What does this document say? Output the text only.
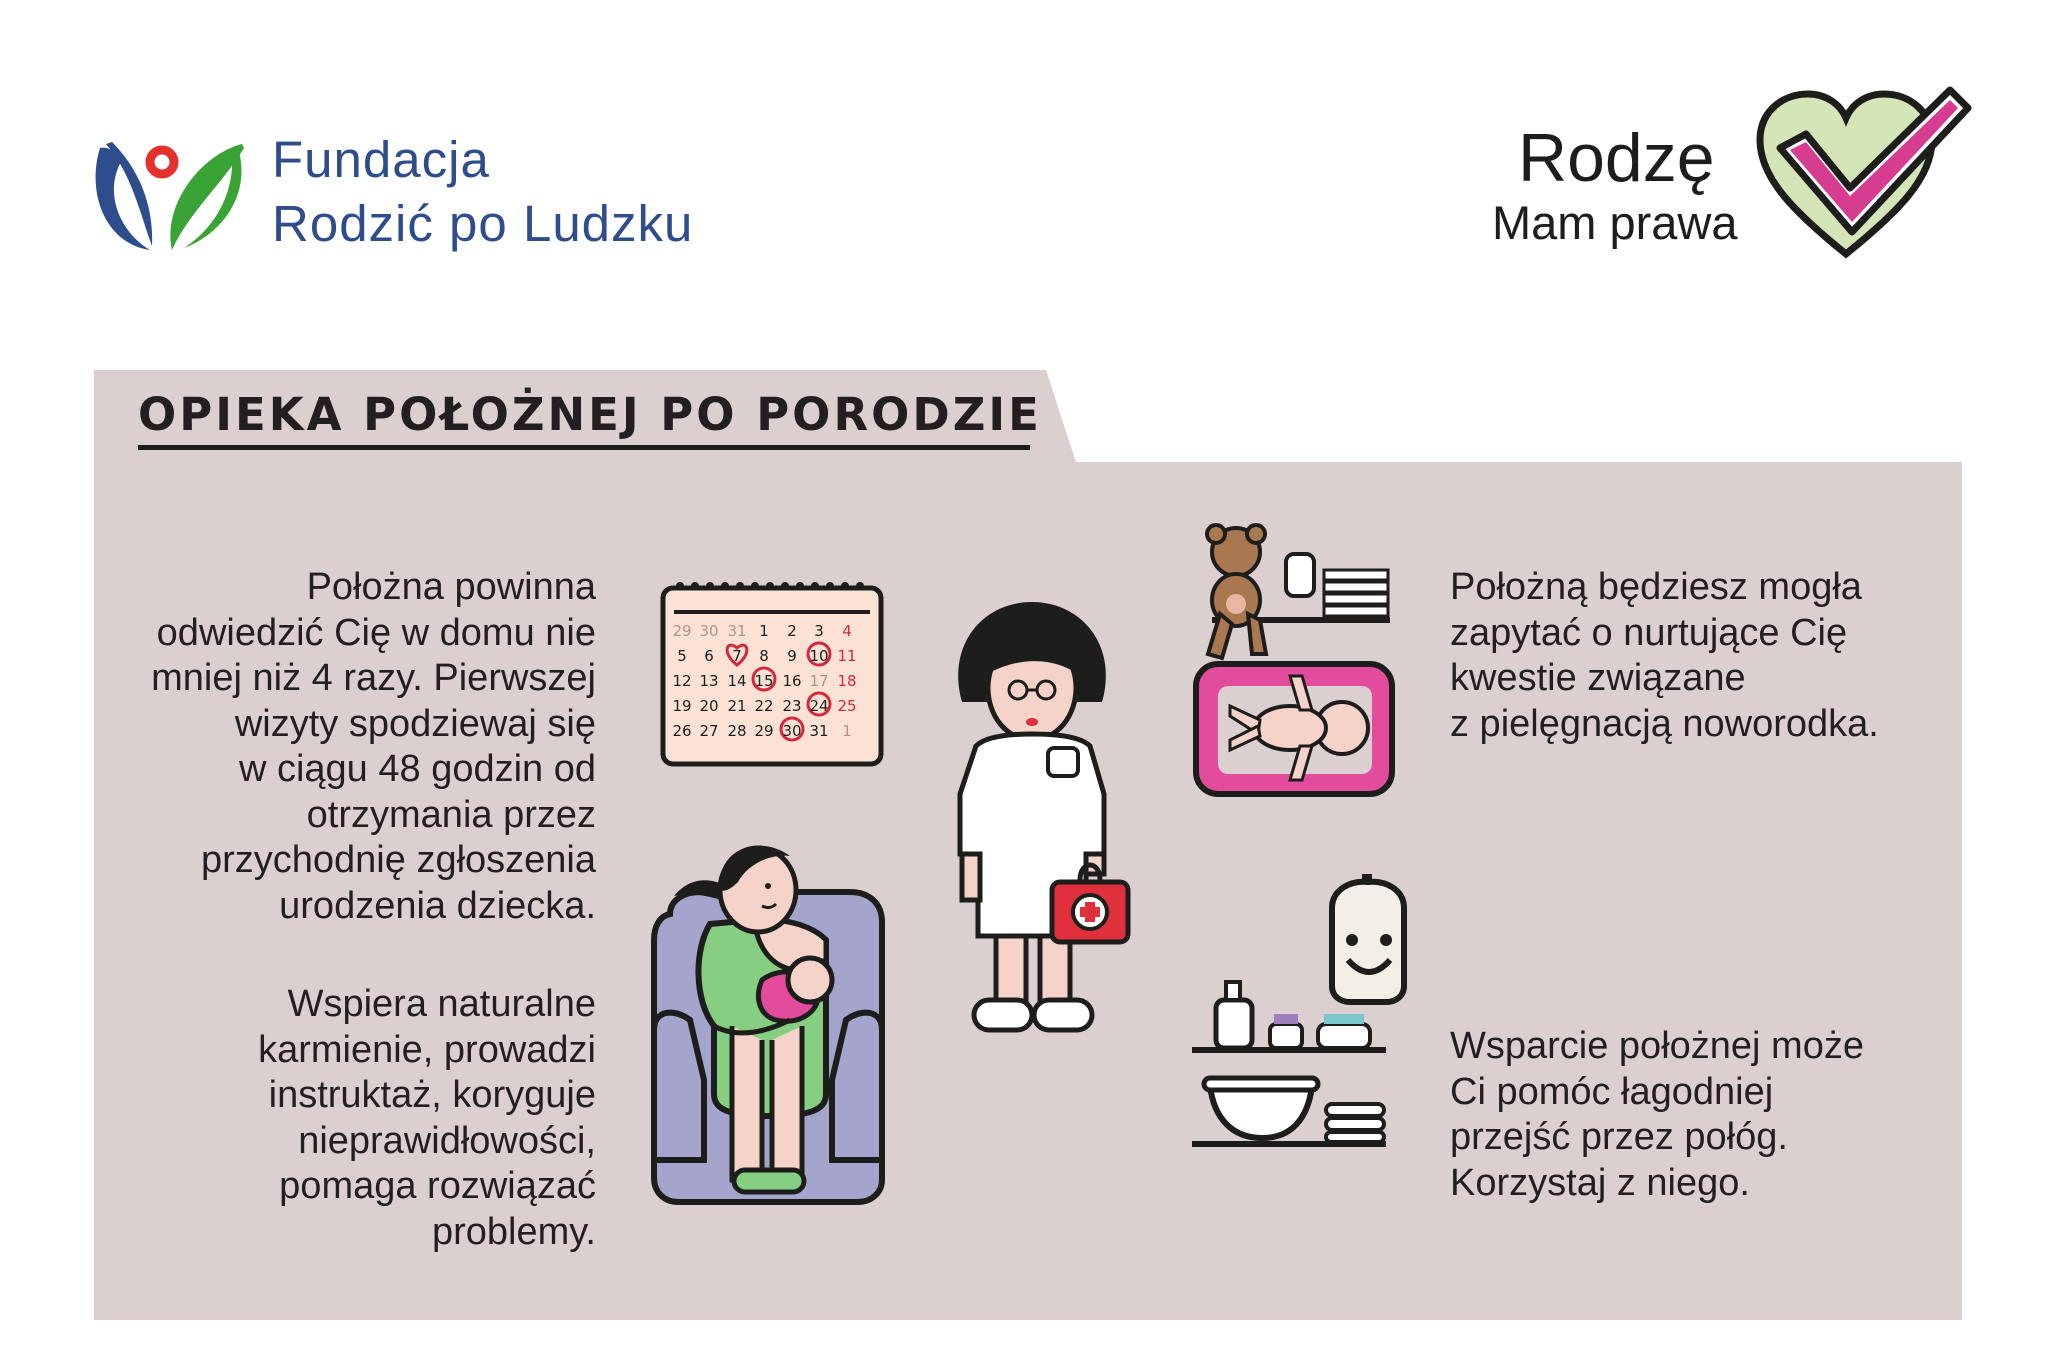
Fundacja
Rodzić po Ludzku
Rodzę
Mam prawa
OPIEKA POŁOŻNEJ PO PORODZIE
Położna powinna
odwiedzić Cię w domu nie
mniej niż 4 razy. Pierwszej
wizyty spodziewaj się
w ciągu 48 godzin od
otrzymania przez
przychodnię zgłoszenia
urodzenia dziecka.
Wspiera naturalne
karmienie, prowadzi
instruktaż, koryguje
nieprawidłowości,
pomaga rozwiązać
problemy.
Położną będziesz mogła
zapytać o nurtujące Cię
kwestie związane
z pielęgnacją noworodka.
Wsparcie położnej może
Ci pomóc łagodniej
przejść przez połóg.
Korzystaj z niego.
29 30 31 1 2 3 4
5 6 7 8 9 10 11
12 13 14 15 16 17 18
19 20 21 22 23 24 25
26 27 28 29 30 31 1
